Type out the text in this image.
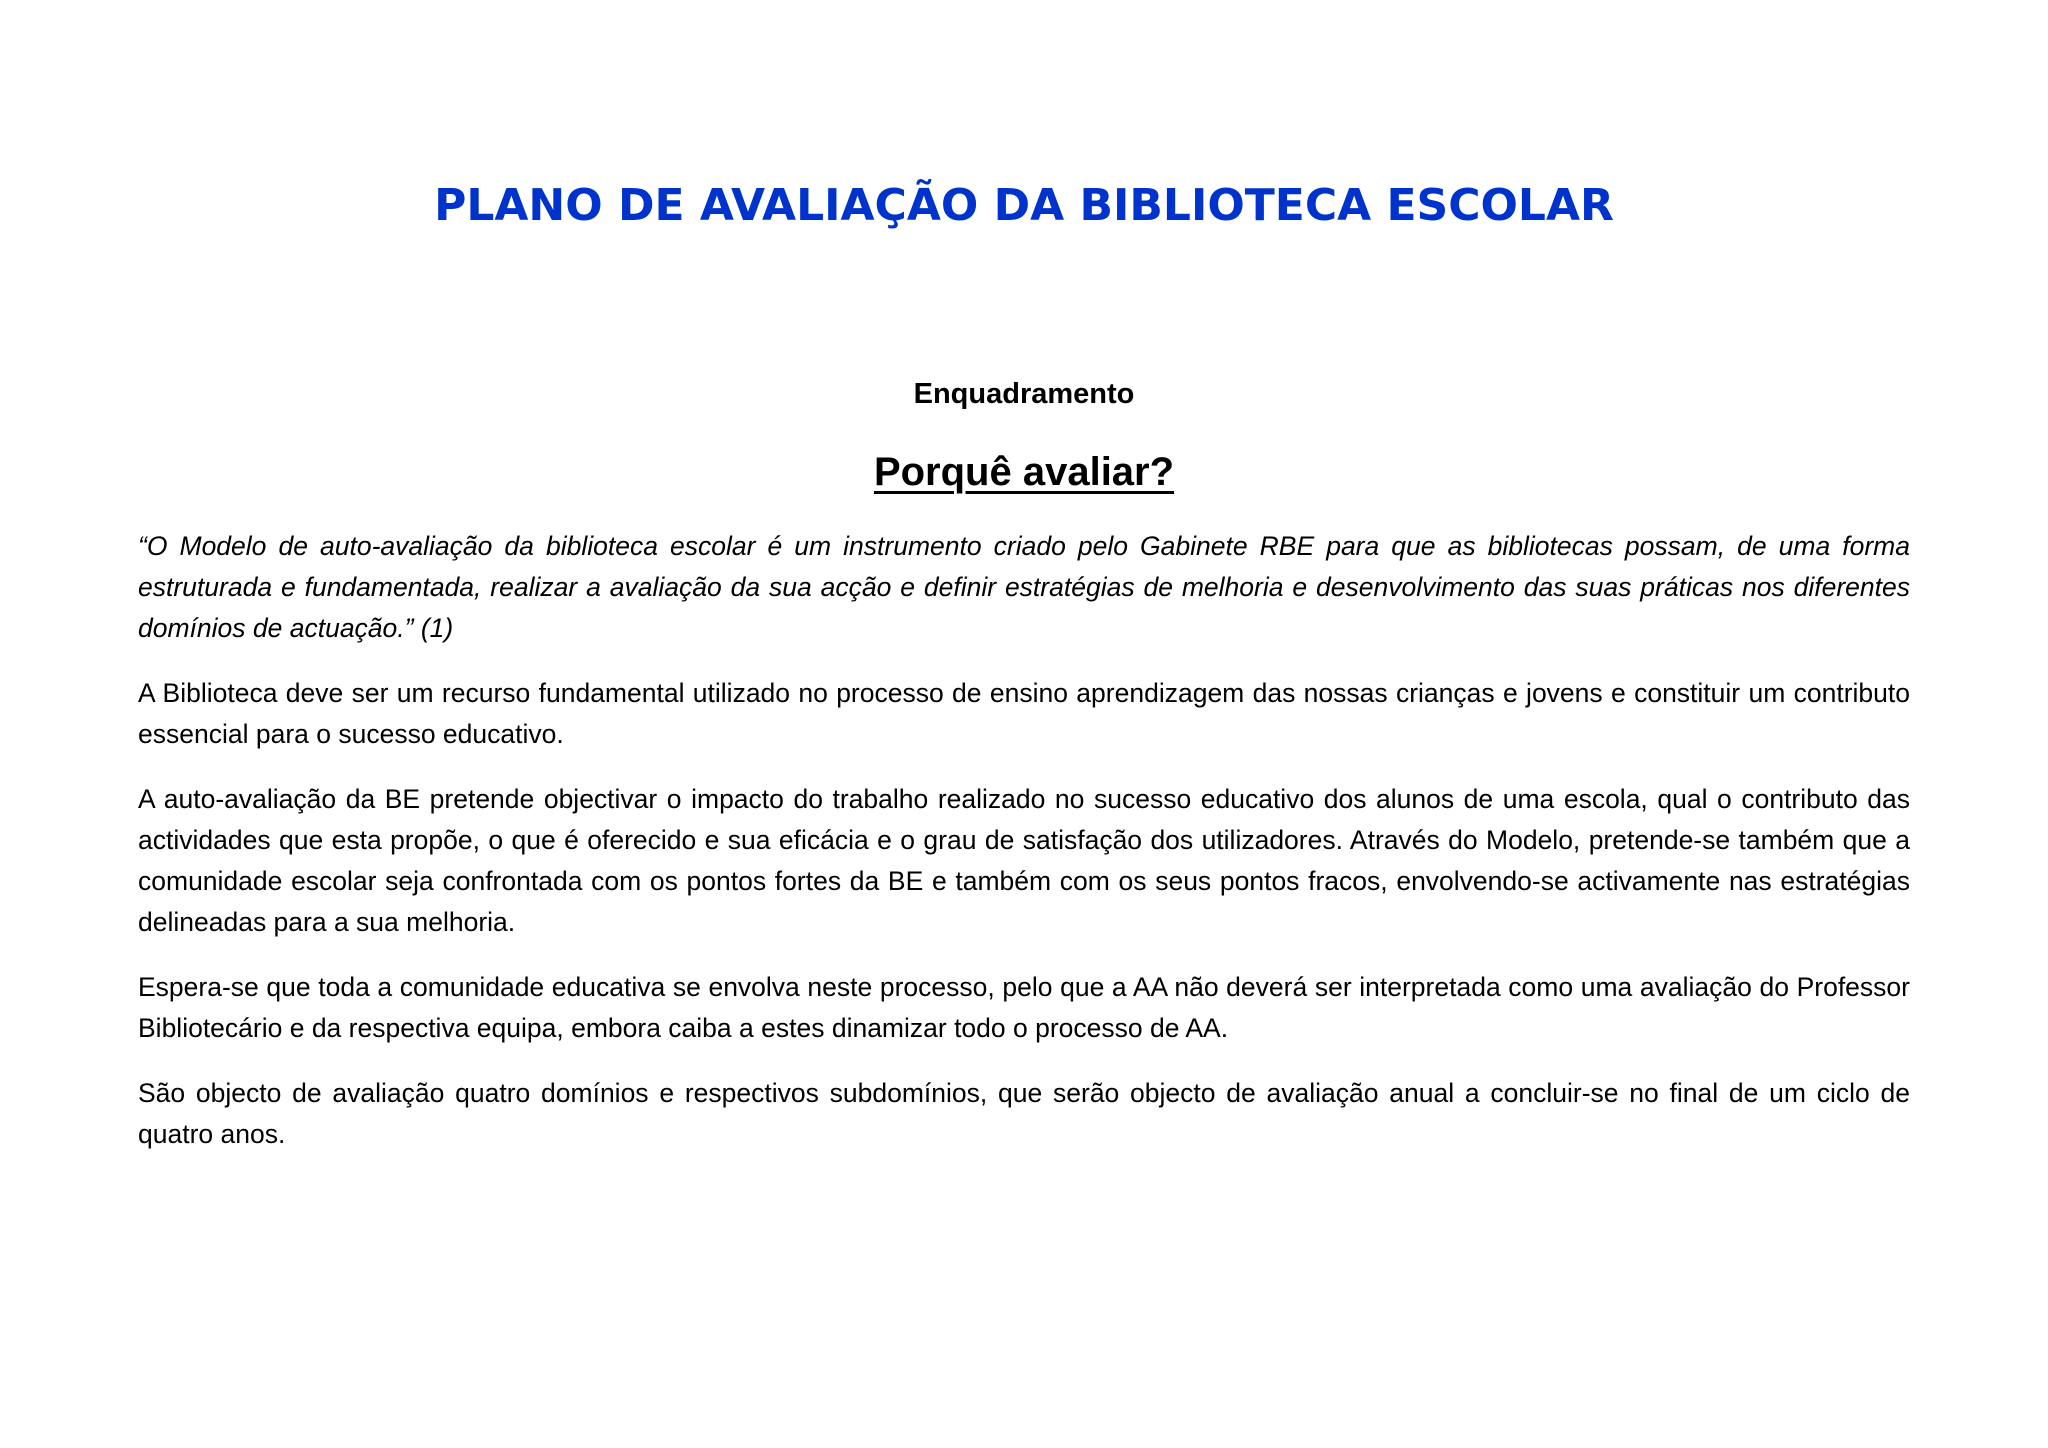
PLANO DE AVALIAÇÃO DA BIBLIOTECA ESCOLAR
Enquadramento
Porquê avaliar?

“O Modelo de auto-avaliação da biblioteca escolar é um instrumento criado pelo Gabinete RBE para que as bibliotecas possam, de uma forma estruturada e fundamentada, realizar a avaliação da sua acção e definir estratégias de melhoria e desenvolvimento das suas práticas nos diferentes domínios de actuação.” (1)

A Biblioteca deve ser um recurso fundamental utilizado no processo de ensino aprendizagem das nossas crianças e jovens e constituir um contributo essencial para o sucesso educativo.

A auto-avaliação da BE pretende objectivar o impacto do trabalho realizado no sucesso educativo dos alunos de uma escola, qual o contributo das actividades que esta propõe, o que é oferecido e sua eficácia e o grau de satisfação dos utilizadores. Através do Modelo, pretende-se também que a comunidade escolar seja confrontada com os pontos fortes da BE e também com os seus pontos fracos, envolvendo-se activamente nas estratégias delineadas para a sua melhoria.

Espera-se que toda a comunidade educativa se envolva neste processo, pelo que a AA não deverá ser interpretada como uma avaliação do Professor Bibliotecário e da respectiva equipa, embora caiba a estes dinamizar todo o processo de AA.

São objecto de avaliação quatro domínios e respectivos subdomínios, que serão objecto de avaliação anual a concluir-se no final de um ciclo de quatro anos.
